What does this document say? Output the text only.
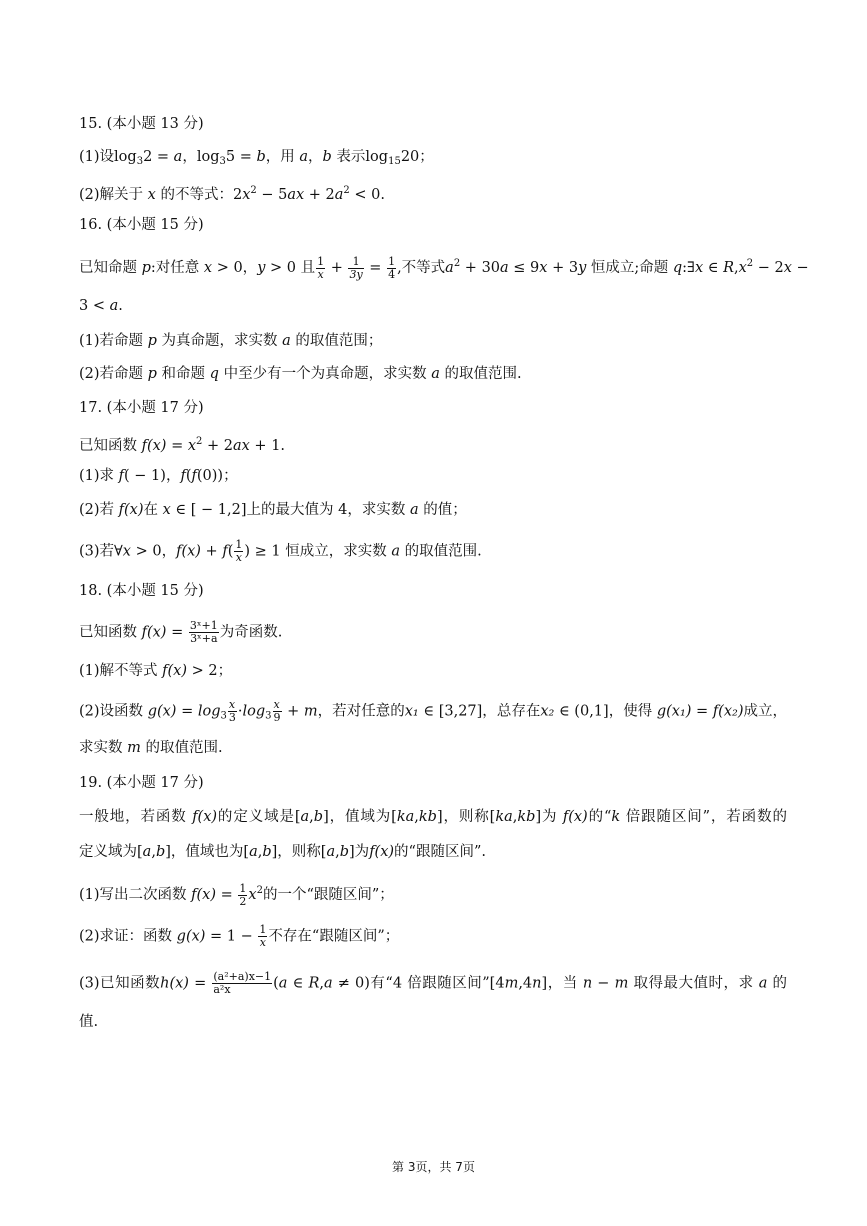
15. (本小题 13 分)
(1)设$\log_32 = a$，$\log_35 = b$，用 a，b 表示$\log_{15}20$；
(2)解关于 x 的不等式：$2x^2 - 5ax + 2a^2 < 0$.
16. (本小题 15 分)
已知命题 p:对任意 x > 0，y > 0 且 $\frac{1}{x} + \frac{1}{3y} = \frac{1}{4}$ ,不等式$a^2 + 30a \le 9x + 3y$ 恒成立;命题 q:∃x ∈ $R,x^2 - 2x$ −
3 < a.
(1)若命题 p 为真命题，求实数 a 的取值范围；
(2)若命题 p 和命题 q 中至少有一个为真命题，求实数 a 的取值范围.
17. (本小题 17 分)
已知函数 $f(x) = x^2 + 2ax + 1$.
(1)求 f( − 1)，f(f(0))；
(2)若 f(x)在 x ∈ [ − 1,2]上的最大值为 4，求实数 a 的值；
(3)若∀x > 0，$f(x) + f( \frac{1}{x}$ ) ≥ 1 恒成立，求实数 a 的取值范围.
18. (本小题 15 分)
已知函数 $f(x) = \frac{\text{3ˣ+1}}{\text{3ˣ+a}}$ 为奇函数.
(1)解不等式 f(x) > 2；
(2)设函数 $g(x) = \log_3 \frac{x}{3} \cdot\log_3 \frac{x}{9} + m$，若对任意的x₁ ∈ [3,27]，总存在x₂ ∈ (0,1]，使得 g(x₁) = f(x₂)成立，
求实数 m 的取值范围.
19. (本小题 17 分)
一般地，若函数 f(x)的定义域是[a,b]，值域为[ka,kb]，则称[ka,kb]为 f(x)的“k 倍跟随区间”，若函数的
定义域为[a,b]，值域也为[a,b]，则称[a,b]为f(x)的“跟随区间”.
(1)写出二次函数 $f(x) = \frac{1}{2} x^2$的一个“跟随区间”；
(2)求证：函数 $g(x) = 1 - \frac{1}{x}$ 不存在“跟随区间”；
(3)已知函数$h(x) = \frac{\text{(a²+a)x−1}}{\text{a²x}} (a$ ∈ R,a ≠ 0)有“4 倍跟随区间”[4m,4n]，当 n − m 取得最大值时，求 a 的
值.
第 3页，共 7页
